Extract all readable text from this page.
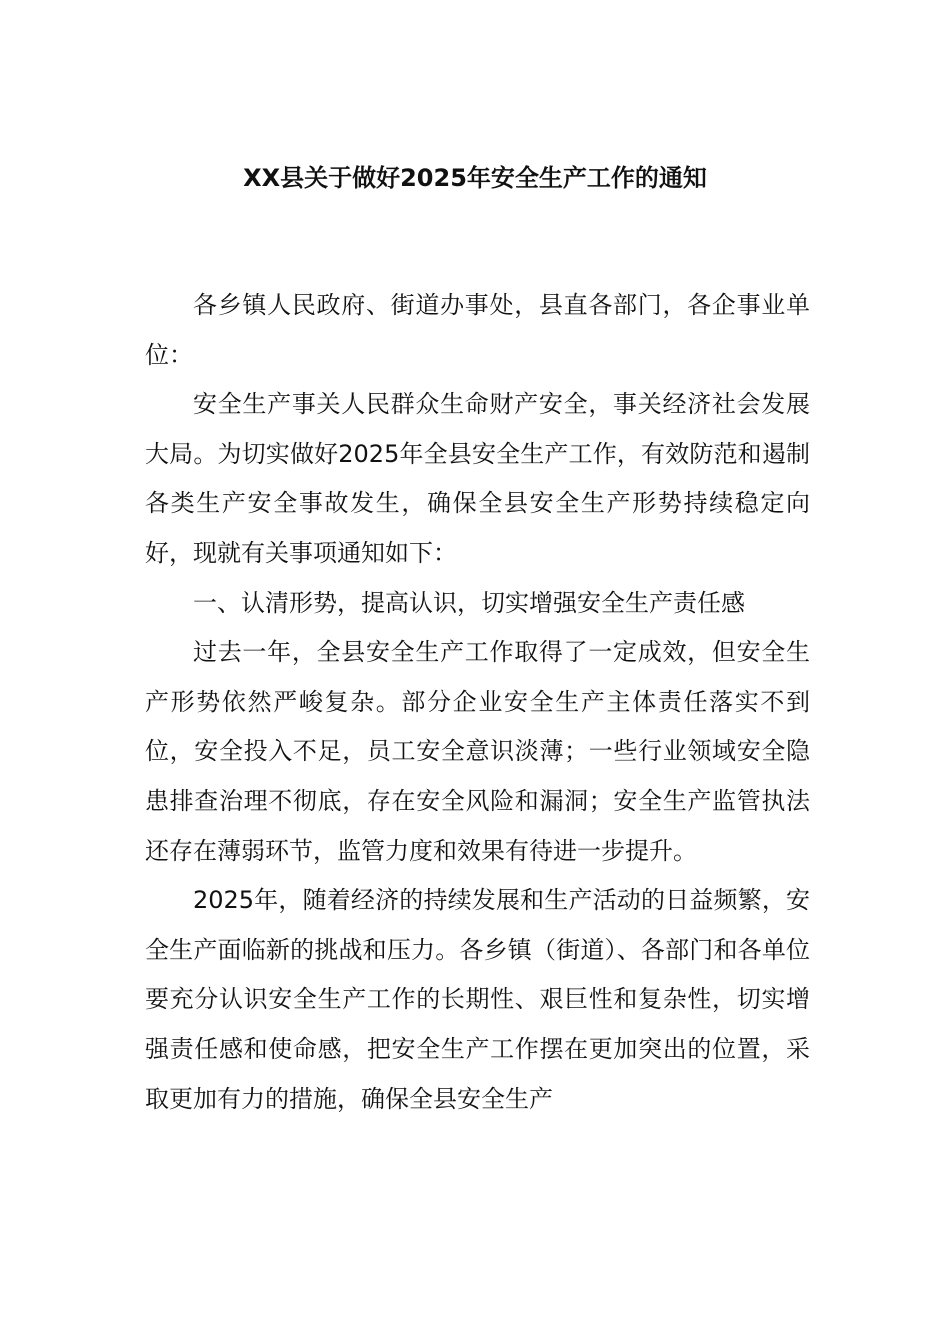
XX县关于做好2025年安全生产工作的通知

各乡镇人民政府、街道办事处，县直各部门，各企事业单位：

安全生产事关人民群众生命财产安全，事关经济社会发展大局。为切实做好2025年全县安全生产工作，有效防范和遏制各类生产安全事故发生，确保全县安全生产形势持续稳定向好，现就有关事项通知如下：

一、认清形势，提高认识，切实增强安全生产责任感

过去一年，全县安全生产工作取得了一定成效，但安全生产形势依然严峻复杂。部分企业安全生产主体责任落实不到位，安全投入不足，员工安全意识淡薄；一些行业领域安全隐患排查治理不彻底，存在安全风险和漏洞；安全生产监管执法还存在薄弱环节，监管力度和效果有待进一步提升。

2025年，随着经济的持续发展和生产活动的日益频繁，安全生产面临新的挑战和压力。各乡镇（街道）、各部门和各单位要充分认识安全生产工作的长期性、艰巨性和复杂性，切实增强责任感和使命感，把安全生产工作摆在更加突出的位置，采取更加有力的措施，确保全县安全生产
